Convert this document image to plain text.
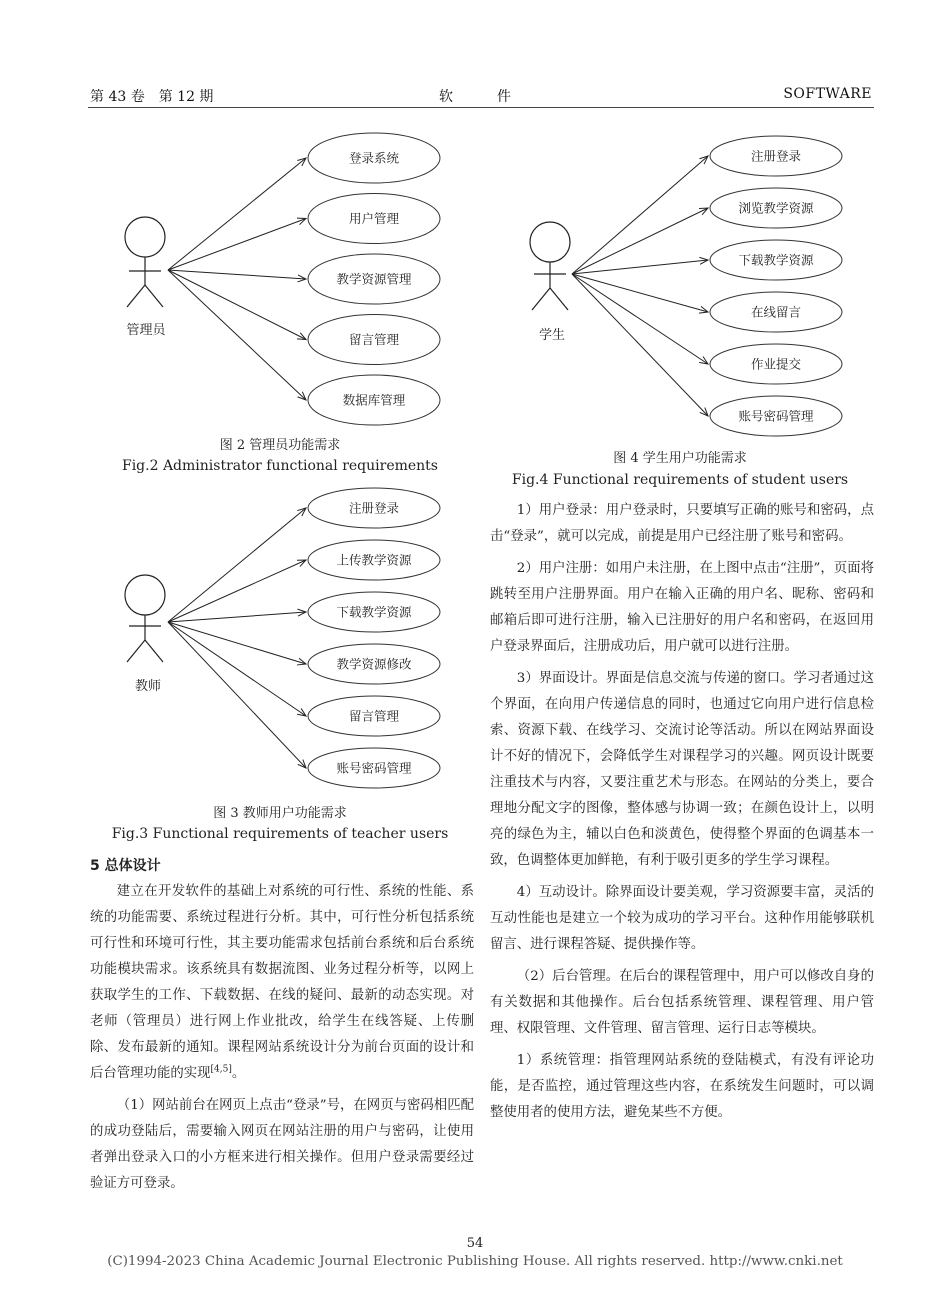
第 43 卷　第 12 期	软件	SOFTWARE
管理员
登录系统
用户管理
教学资源管理
留言管理
数据库管理
图 2 管理员功能需求
Fig.2 Administrator functional requirements
教师
注册登录
上传教学资源
下载教学资源
教学资源修改
留言管理
账号密码管理
图 3 教师用户功能需求
Fig.3 Functional requirements of teacher users
学生
注册登录
浏览教学资源
下载教学资源
在线留言
作业提交
账号密码管理
图 4 学生用户功能需求
Fig.4 Functional requirements of student users

5 总体设计

建立在开发软件的基础上对系统的可行性、系统的性能、系统的功能需要、系统过程进行分析。其中，可行性分析包括系统可行性和环境可行性，其主要功能需求包括前台系统和后台系统功能模块需求。该系统具有数据流图、业务过程分析等，以网上获取学生的工作、下载数据、在线的疑问、最新的动态实现。对老师（管理员）进行网上作业批改，给学生在线答疑、上传删除、发布最新的通知。课程网站系统设计分为前台页面的设计和后台管理功能的实现[4,5]。

（1）网站前台在网页上点击“登录”号，在网页与密码相匹配的成功登陆后，需要输入网页在网站注册的用户与密码，让使用者弹出登录入口的小方框来进行相关操作。但用户登录需要经过验证方可登录。

1）用户登录：用户登录时，只要填写正确的账号和密码，点击“登录”，就可以完成，前提是用户已经注册了账号和密码。

2）用户注册：如用户未注册，在上图中点击“注册”，页面将跳转至用户注册界面。用户在输入正确的用户名、昵称、密码和邮箱后即可进行注册，输入已注册好的用户名和密码，在返回用户登录界面后，注册成功后，用户就可以进行注册。

3）界面设计。界面是信息交流与传递的窗口。学习者通过这个界面，在向用户传递信息的同时，也通过它向用户进行信息检索、资源下载、在线学习、交流讨论等活动。所以在网站界面设计不好的情况下，会降低学生对课程学习的兴趣。网页设计既要注重技术与内容，又要注重艺术与形态。在网站的分类上，要合理地分配文字的图像，整体感与协调一致；在颜色设计上，以明亮的绿色为主，辅以白色和淡黄色，使得整个界面的色调基本一致，色调整体更加鲜艳，有利于吸引更多的学生学习课程。

4）互动设计。除界面设计要美观，学习资源要丰富，灵活的互动性能也是建立一个较为成功的学习平台。这种作用能够联机留言、进行课程答疑、提供操作等。

（2）后台管理。在后台的课程管理中，用户可以修改自身的有关数据和其他操作。后台包括系统管理、课程管理、用户管理、权限管理、文件管理、留言管理、运行日志等模块。

1）系统管理：指管理网站系统的登陆模式，有没有评论功能，是否监控，通过管理这些内容，在系统发生问题时，可以调整使用者的使用方法，避免某些不方便。

54
(C)1994-2023 China Academic Journal Electronic Publishing House. All rights reserved. http://www.cnki.net
